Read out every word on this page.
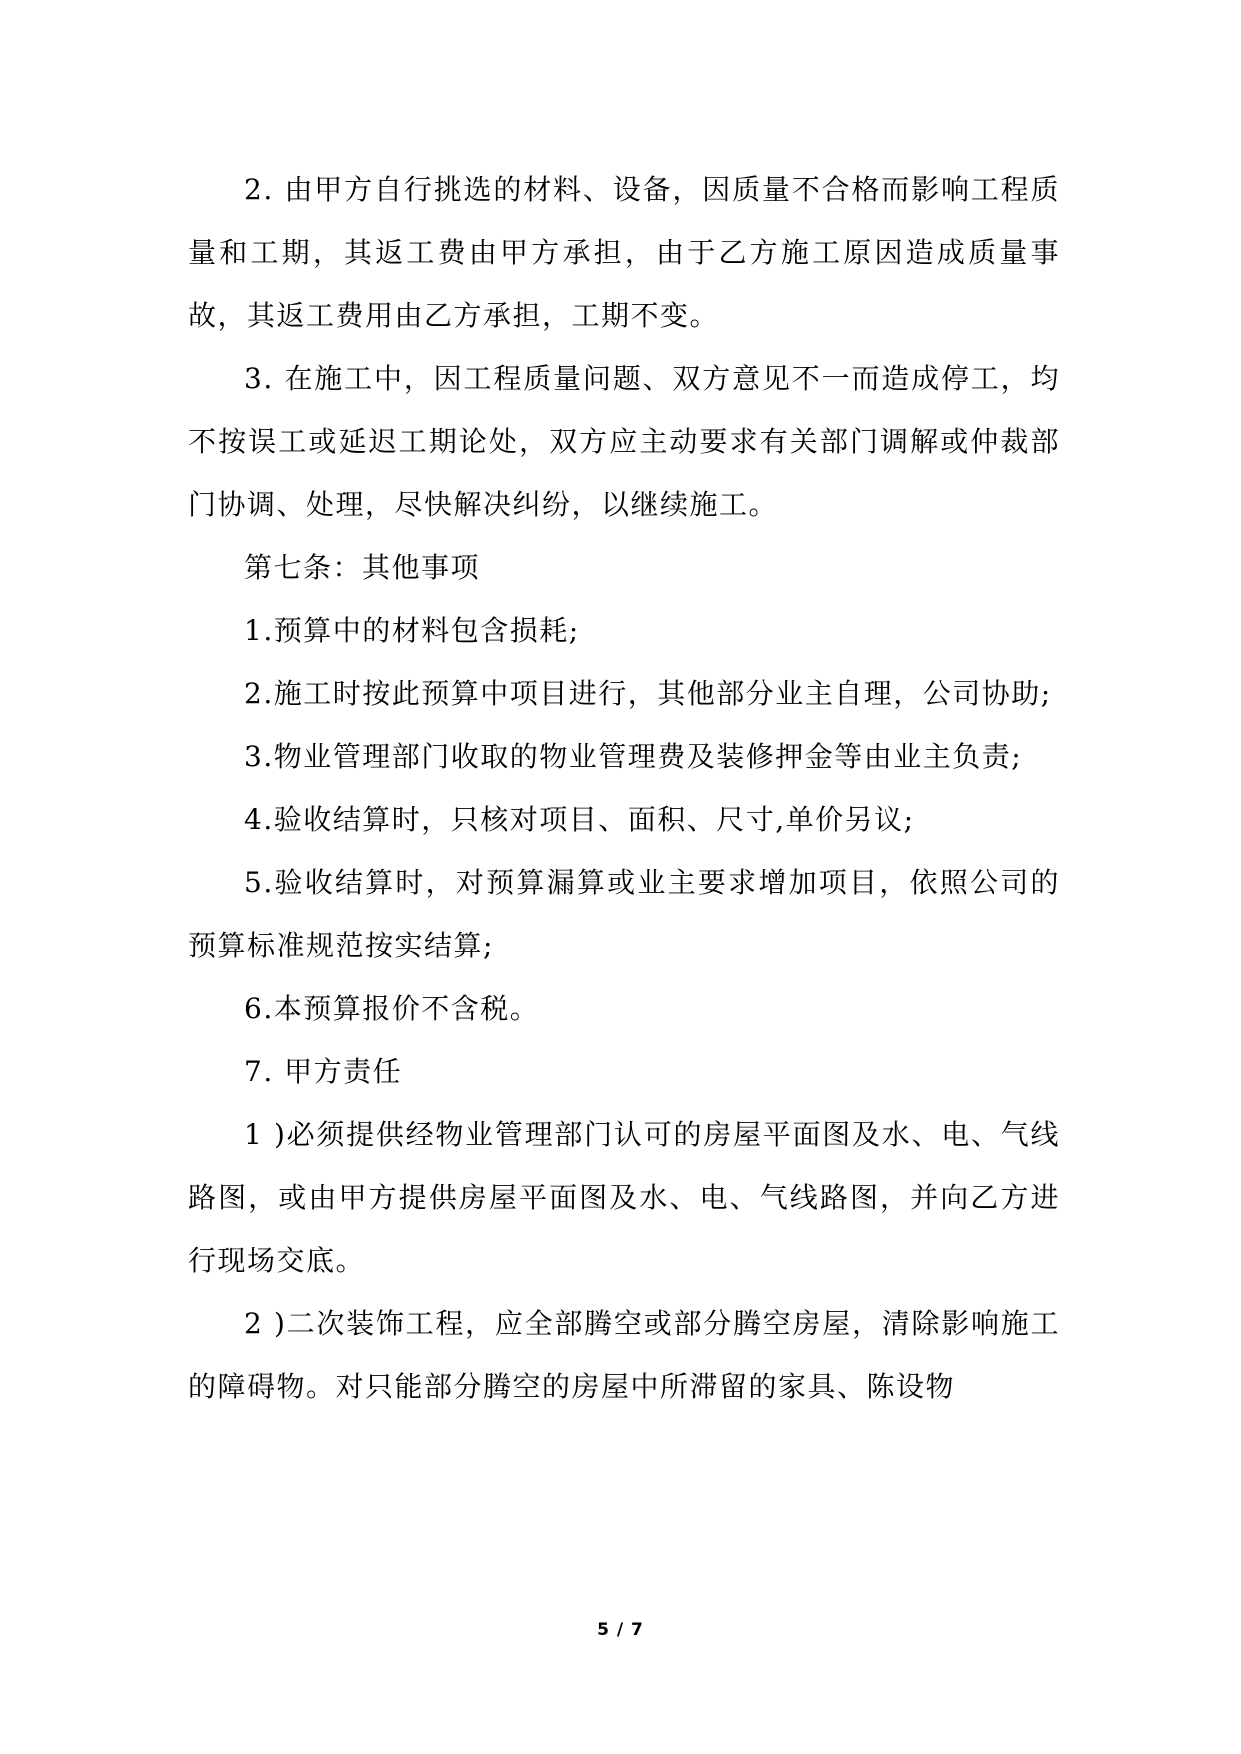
2. 由甲方自行挑选的材料、设备，因质量不合格而影响工程质量和工期，其返工费由甲方承担，由于乙方施工原因造成质量事故，其返工费用由乙方承担，工期不变。

3. 在施工中，因工程质量问题、双方意见不一而造成停工，均不按误工或延迟工期论处，双方应主动要求有关部门调解或仲裁部门协调、处理，尽快解决纠纷，以继续施工。

第七条：其他事项

1.预算中的材料包含损耗;

2.施工时按此预算中项目进行，其他部分业主自理，公司协助;

3.物业管理部门收取的物业管理费及装修押金等由业主负责;

4.验收结算时，只核对项目、面积、尺寸,单价另议;

5.验收结算时，对预算漏算或业主要求增加项目，依照公司的预算标准规范按实结算;

6.本预算报价不含税。

7. 甲方责任

1 )必须提供经物业管理部门认可的房屋平面图及水、电、气线路图，或由甲方提供房屋平面图及水、电、气线路图，并向乙方进行现场交底。

2 )二次装饰工程，应全部腾空或部分腾空房屋，清除影响施工的障碍物。对只能部分腾空的房屋中所滞留的家具、陈设物

5 / 7
